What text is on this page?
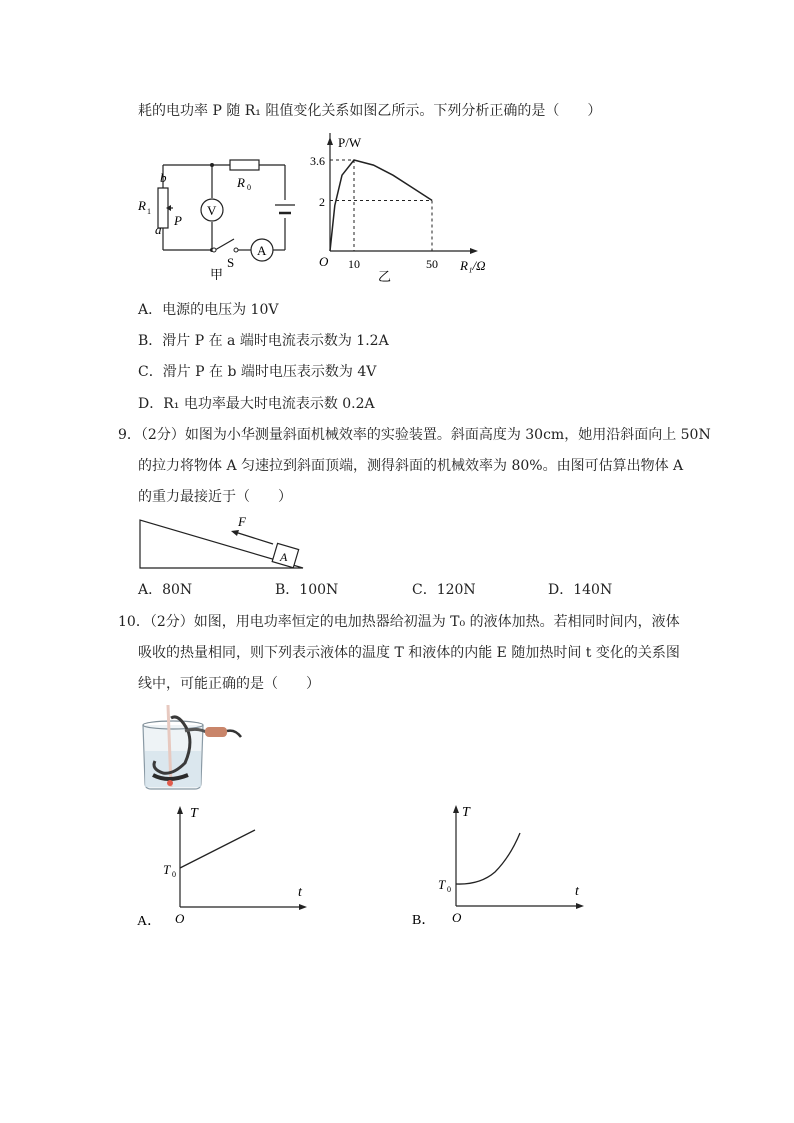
耗的电功率 P 随 R₁ 阻值变化关系如图乙所示。下列分析正确的是（　　）
V
A
b
a
R 1
P
R 0
S
甲
P/W
3.6
2
O 10	50 R₁/Ω
乙
A．电源的电压为 10V
B．滑片 P 在 a 端时电流表示数为 1.2A
C．滑片 P 在 b 端时电压表示数为 4V
D．R₁ 电功率最大时电流表示数 0.2A
9．（2分）如图为小华测量斜面机械效率的实验装置。斜面高度为 30cm，她用沿斜面向上 50N
的拉力将物体 A 匀速拉到斜面顶端，测得斜面的机械效率为 80%。由图可估算出物体 A
的重力最接近于（　　）
A
F
A．80N	B．100N	C．120N	D．140N
10．（2分）如图，用电功率恒定的电加热器给初温为 T₀ 的液体加热。若相同时间内，液体
吸收的热量相同，则下列表示液体的温度 T 和液体的内能 E 随加热时间 t 变化的关系图
线中，可能正确的是（　　）
T
T 0
t
O
A．
T
T 0	t
O
B．
